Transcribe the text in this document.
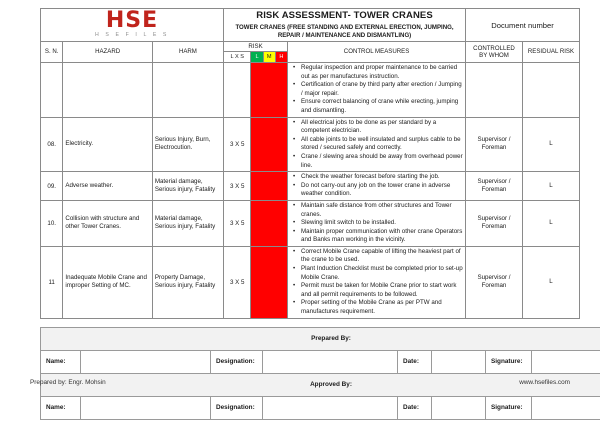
HSE
H S E F I L E S			RISK ASSESSMENT- TOWER CRANES
TOWER CRANES (FREE STANDING AND EXTERNAL ERECTION, JUMPING, REPAIR / MAINTENANCE AND DISMANTLING)					Document number	

S. N.	HAZARD	HARM	RISK				CONTROL MEASURES	CONTROLLED
BY WHOM	RESIDUAL RISK
			L X S	L	M	H			

• Regular inspection and proper maintenance to be carried out as per manufactures instruction.
• Certification of crane by third party after erection / Jumping / major repair.
• Ensure correct balancing of crane while erecting, jumping and dismantling.

08.	Electricity.	Serious Injury, Burn, Electrocution.	3 X 5		
• All electrical jobs to be done as per standard by a competent electrician.
• All cable joints to be well insulated and surplus cable to be stored / secured safely and correctly.
• Crane / slewing area should be away from overhead power line.
	Supervisor / Foreman	L
09.	Adverse weather.	Material damage, Serious injury, Fatality	3 X 5		
• Check the weather forecast before starting the job.
• Do not carry-out any job on the tower crane in adverse weather condition.
	Supervisor / Foreman	L
10.	Collision with structure and other Tower Cranes.	Material damage, Serious injury, Fatality	3 X 5		
• Maintain safe distance from other structures and Tower cranes.
• Slewing limit switch to be installed.
• Maintain proper communication with other crane Operators and Banks man working in the vicinity.
	Supervisor / Foreman	L
11	Inadequate Mobile Crane and improper Setting of MC.	Property Damage, Serious injury, Fatality	3 X 5		
• Correct Mobile Crane capable of lifting the heaviest part of the crane to be used.
• Plant Induction Checklist must be completed prior to set-up Mobile Crane.
• Permit must be taken for Mobile Crane prior to start work and all permit requirements to be followed.
• Proper setting of the Mobile Crane as per PTW and manufactures requirement.
	Supervisor / Foreman	L
Prepared By:							
Name:		Designation:		Date:		Signature:	
Approved By:							
Name:		Designation:		Date:		Signature:	
Prepared by: Engr. Mohsin	www.hsefiles.com
